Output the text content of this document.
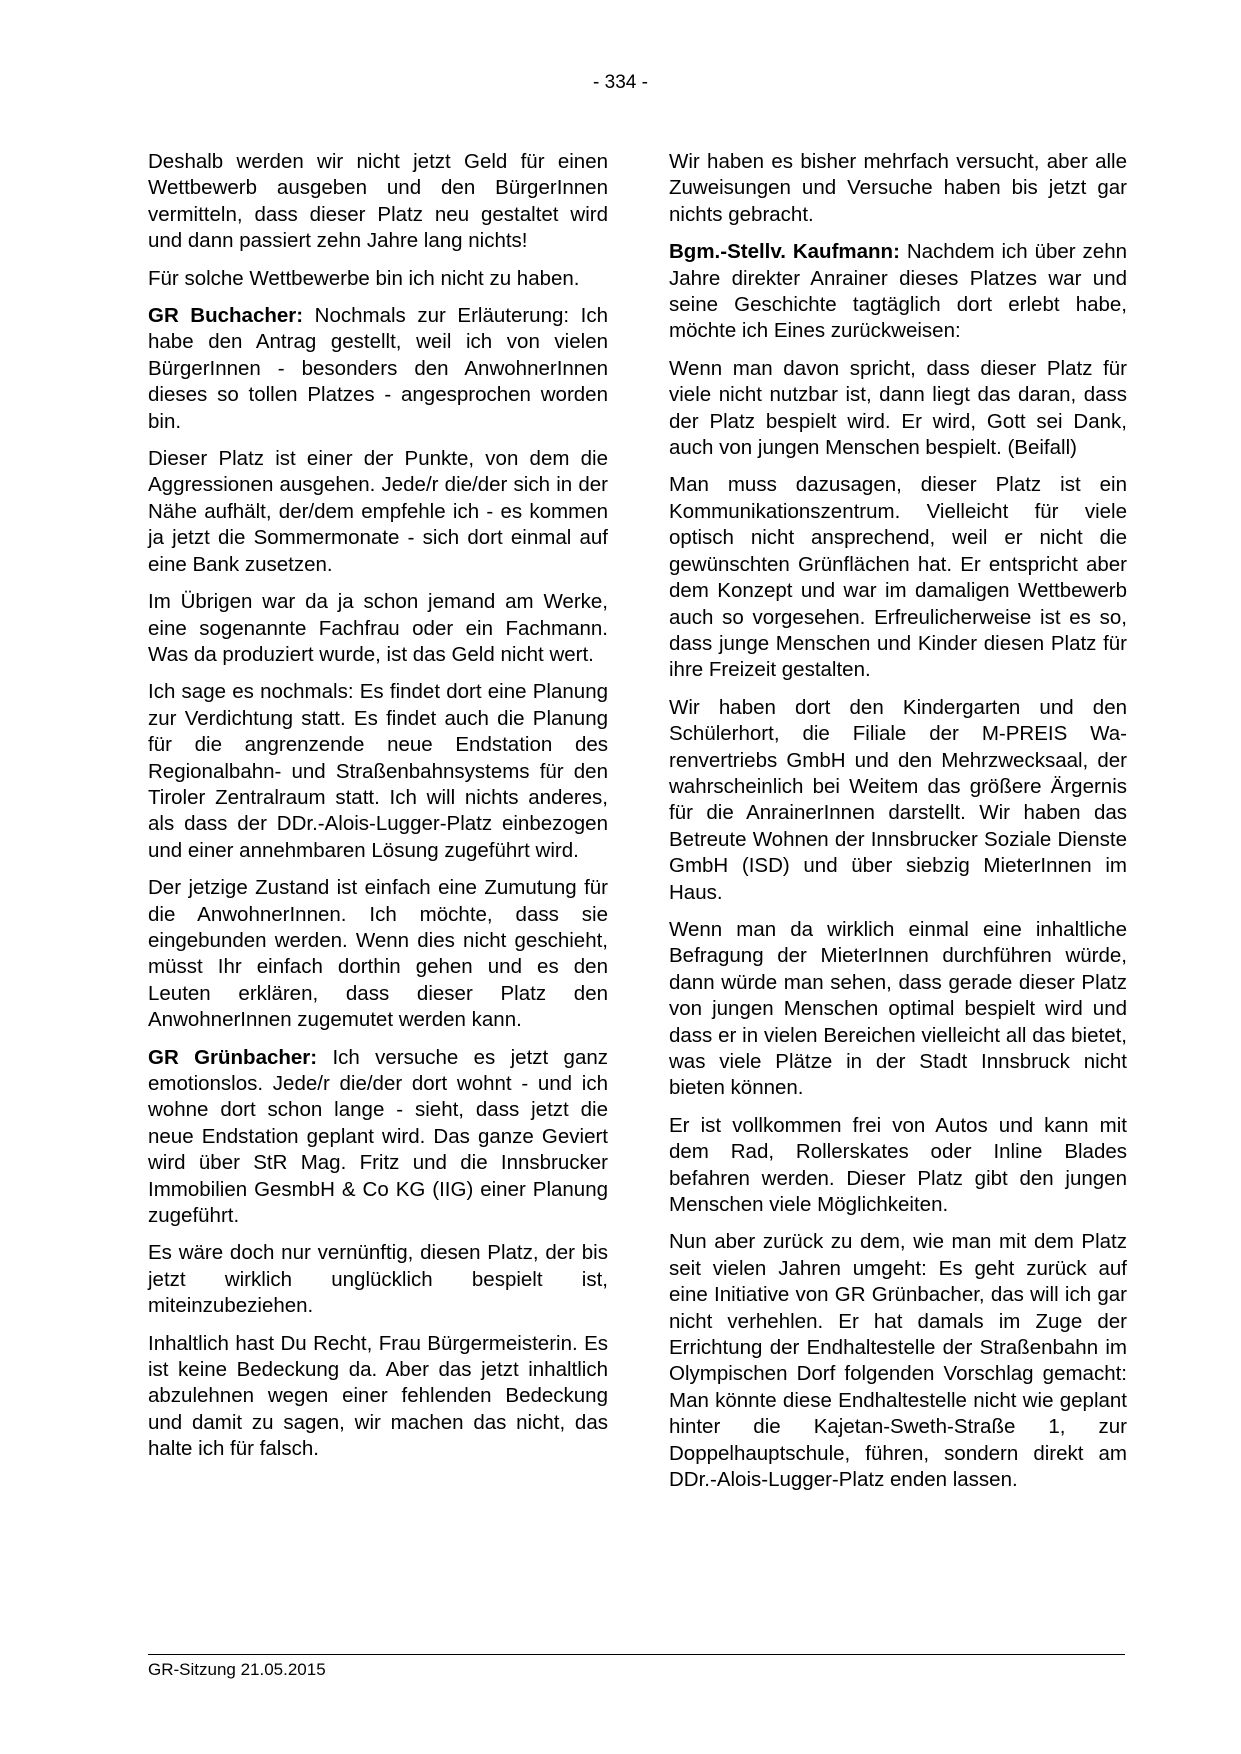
- 334 -

Deshalb werden wir nicht jetzt Geld für einen Wettbewerb ausgeben und den BürgerInnen vermitteln, dass dieser Platz neu gestaltet wird und dann passiert zehn Jahre lang nichts!

Für solche Wettbewerbe bin ich nicht zu haben.

GR Buchacher: Nochmals zur Erläuterung: Ich habe den Antrag gestellt, weil ich von vielen BürgerInnen - besonders den AnwohnerInnen dieses so tollen Platzes - angesprochen worden bin.

Dieser Platz ist einer der Punkte, von dem die Aggressionen ausgehen. Jede/r die/der sich in der Nähe aufhält, der/dem empfehle ich - es kommen ja jetzt die Sommermonate - sich dort einmal auf eine Bank zusetzen.

Im Übrigen war da ja schon jemand am Werke, eine sogenannte Fachfrau oder ein Fachmann. Was da produziert wurde, ist das Geld nicht wert.

Ich sage es nochmals: Es findet dort eine Planung zur Verdichtung statt. Es findet auch die Planung für die angrenzende neue Endstation des Regionalbahn- und Straßenbahnsystems für den Tiroler Zentralraum statt. Ich will nichts anderes, als dass der DDr.-Alois-Lugger-Platz einbezogen und einer annehmbaren Lösung zugeführt wird.

Der jetzige Zustand ist einfach eine Zumutung für die AnwohnerInnen. Ich möchte, dass sie eingebunden werden. Wenn dies nicht geschieht, müsst Ihr einfach dorthin gehen und es den Leuten erklären, dass dieser Platz den AnwohnerInnen zugemutet werden kann.

GR Grünbacher: Ich versuche es jetzt ganz emotionslos. Jede/r die/der dort wohnt - und ich wohne dort schon lange - sieht, dass jetzt die neue Endstation geplant wird. Das ganze Geviert wird über StR Mag. Fritz und die Innsbrucker Immobilien GesmbH & Co KG (IIG) einer Planung zugeführt.

Es wäre doch nur vernünftig, diesen Platz, der bis jetzt wirklich unglücklich bespielt ist, miteinzubeziehen.

Inhaltlich hast Du Recht, Frau Bürgermeisterin. Es ist keine Bedeckung da. Aber das jetzt inhaltlich abzulehnen wegen einer fehlenden Bedeckung und damit zu sagen, wir machen das nicht, das halte ich für falsch.

Wir haben es bisher mehrfach versucht, aber alle Zuweisungen und Versuche haben bis jetzt gar nichts gebracht.

Bgm.-Stellv. Kaufmann: Nachdem ich über zehn Jahre direkter Anrainer dieses Platzes war und seine Geschichte tagtäglich dort erlebt habe, möchte ich Eines zurückweisen:

Wenn man davon spricht, dass dieser Platz für viele nicht nutzbar ist, dann liegt das daran, dass der Platz bespielt wird. Er wird, Gott sei Dank, auch von jungen Menschen bespielt. (Beifall)

Man muss dazusagen, dieser Platz ist ein Kommunikationszentrum. Vielleicht für viele optisch nicht ansprechend, weil er nicht die gewünschten Grünflächen hat. Er entspricht aber dem Konzept und war im damaligen Wettbewerb auch so vorgesehen. Erfreulicherweise ist es so, dass junge Menschen und Kinder diesen Platz für ihre Freizeit gestalten.

Wir haben dort den Kindergarten und den Schülerhort, die Filiale der M-PREIS Warenvertriebs GmbH und den Mehrzwecksaal, der wahrscheinlich bei Weitem das größere Ärgernis für die AnrainerInnen darstellt. Wir haben das Betreute Wohnen der Innsbrucker Soziale Dienste GmbH (ISD) und über siebzig MieterInnen im Haus.

Wenn man da wirklich einmal eine inhaltliche Befragung der MieterInnen durchführen würde, dann würde man sehen, dass gerade dieser Platz von jungen Menschen optimal bespielt wird und dass er in vielen Bereichen vielleicht all das bietet, was viele Plätze in der Stadt Innsbruck nicht bieten können.

Er ist vollkommen frei von Autos und kann mit dem Rad, Rollerskates oder Inline Blades befahren werden. Dieser Platz gibt den jungen Menschen viele Möglichkeiten.

Nun aber zurück zu dem, wie man mit dem Platz seit vielen Jahren umgeht: Es geht zurück auf eine Initiative von GR Grünbacher, das will ich gar nicht verhehlen. Er hat damals im Zuge der Errichtung der Endhaltestelle der Straßenbahn im Olympischen Dorf folgenden Vorschlag gemacht: Man könnte diese Endhaltestelle nicht wie geplant hinter die Kajetan-Sweth-Straße 1, zur Doppelhauptschule, führen, sondern direkt am DDr.-Alois-Lugger-Platz enden lassen.

GR-Sitzung 21.05.2015
